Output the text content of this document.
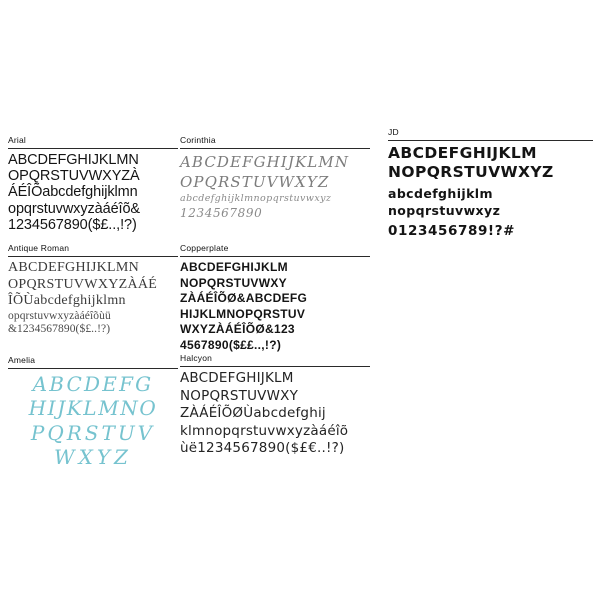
Arial
ABCDEFGHIJKLMN
OPQRSTUVWXYZÀ
ÁÉÎÕabcdefghijklmn
opqrstuvwxyzàáéîõ&
1234567890($£..,!?)
Antique Roman
ABCDEFGHIJKLMN
OPQRSTUVWXYZÀÁÉ
ÎÕÙabcdefghijklmn
opqrstuvwxyzàáéîõùü
&1234567890($£..!?)
Amelia
ABCDEFG
HIJKLMNO
PQRSTUV
WXYZ
Corinthia
ABCDEFGHIJKLMN
OPQRSTUVWXYZ
abcdefghijklmnopqrstuvwxyz
1234567890
Copperplate
ABCDEFGHIJKLM
NOPQRSTUVWXY
ZÀÁÉÎÕØ&ABCDEFG
HIJKLMNOPQRSTUV
WXYZÀÁÉÎÕØ&123
4567890($££..,!?)
Halcyon
ABCDEFGHIJKLM
NOPQRSTUVWXY
ZÀÁÉÎÕØÙabcdefghij
klmnopqrstuvwxyzàáéîõ
ùë1234567890($£€..!?)
JD
ABCDEFGHIJKLM
NOPQRSTUVWXYZ
abcdefghijklm
nopqrstuvwxyz
0123456789!?#
